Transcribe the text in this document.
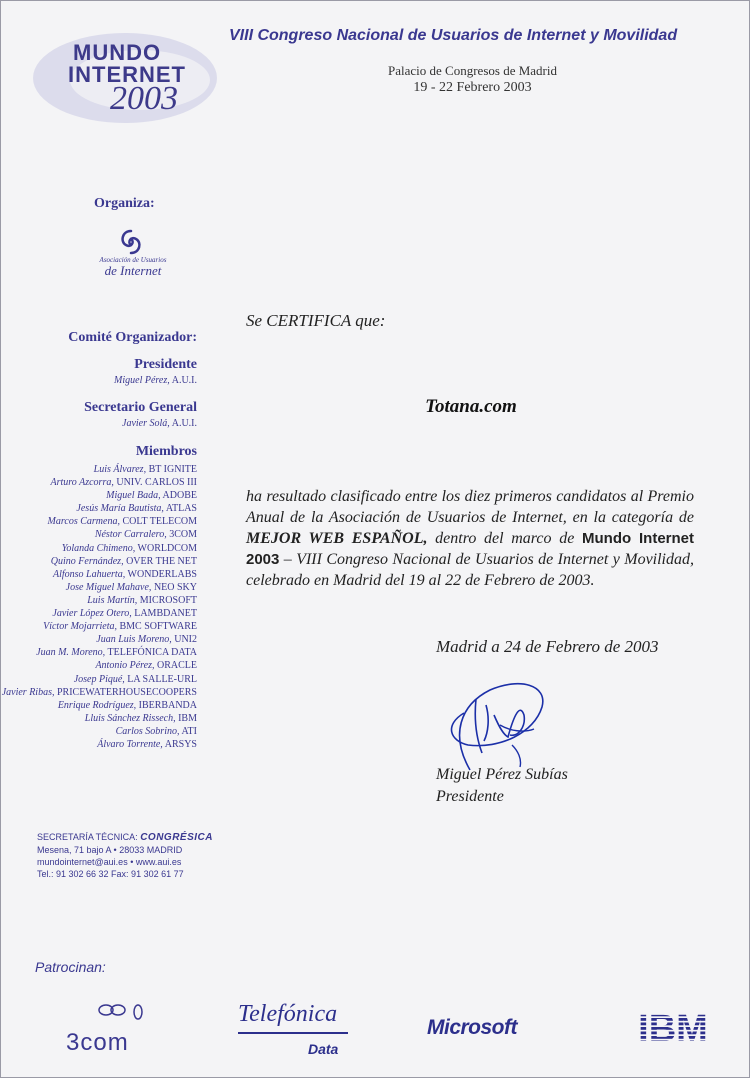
MUNDO
INTERNET
2003
VIII Congreso Nacional de Usuarios de Internet y Movilidad
Palacio de Congresos de Madrid
19 - 22 Febrero 2003
Organiza:
Asociación de Usuarios
de Internet
Comité Organizador:
Presidente
Miguel Pérez, A.U.I.
Secretario General
Javier Solá, A.U.I.
Miembros
Luis Álvarez, BT IGNITE
Arturo Azcorra, UNIV. CARLOS III
Miguel Bada, ADOBE
Jesús María Bautista, ATLAS
Marcos Carmena, COLT TELECOM
Néstor Carralero, 3COM
Yolanda Chimeno, WORLDCOM
Quino Fernández, OVER THE NET
Alfonso Lahuerta, WONDERLABS
Jose Miguel Mahave, NEO SKY
Luis Martín, MICROSOFT
Javier López Otero, LAMBDANET
Víctor Mojarrieta, BMC SOFTWARE
Juan Luis Moreno, UNI2
Juan M. Moreno, TELEFÓNICA DATA
Antonio Pérez, ORACLE
Josep Piqué, LA SALLE-URL
Javier Ribas, PRICEWATERHOUSECOOPERS
Enrique Rodríguez, IBERBANDA
Lluis Sánchez Rissech, IBM
Carlos Sobrino, ATI
Álvaro Torrente, ARSYS
SECRETARÍA TÉCNICA: CONGRÉSICA
Mesena, 71 bajo A • 28033 MADRID
mundointernet@aui.es • www.aui.es
Tel.: 91 302 66 32 Fax: 91 302 61 77
Se CERTIFICA que:
Totana.com
ha resultado clasificado entre los diez primeros candidatos al Premio Anual de la Asociación de Usuarios de Internet, en la categoría de MEJOR WEB ESPAÑOL, dentro del marco de Mundo Internet 2003 – VIII Congreso Nacional de Usuarios de Internet y Movilidad, celebrado en Madrid del 19 al 22 de Febrero de 2003.
Madrid a 24 de Febrero de 2003
Miguel Pérez Subías
Presidente
Patrocinan:
3com
Telefónica
Data
Microsoft	IBM
